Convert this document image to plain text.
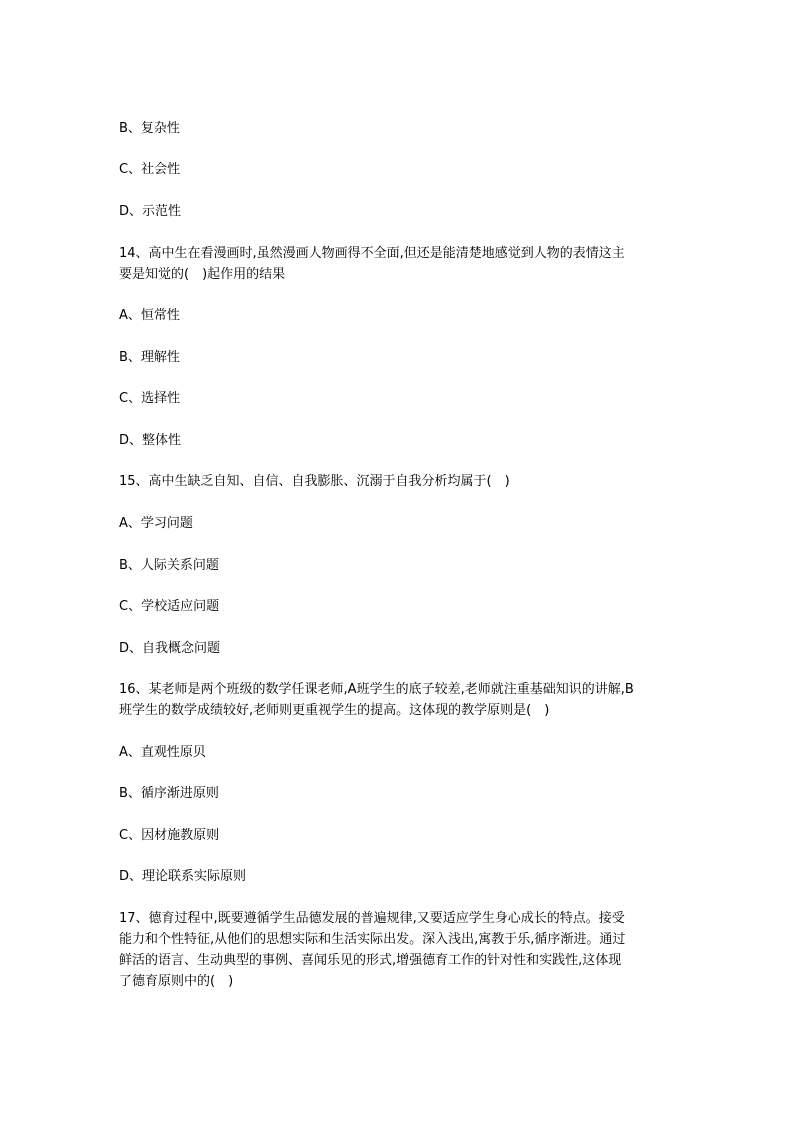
B、复杂性
C、社会性
D、示范性
14、高中生在看漫画时,虽然漫画人物画得不全面,但还是能清楚地感觉到人物的表情这主
要是知觉的(　)起作用的结果
A、恒常性
B、理解性
C、选择性
D、整体性
15、高中生缺乏自知、自信、自我膨胀、沉溺于自我分析均属于(　)
A、学习问题
B、人际关系问题
C、学校适应问题
D、自我概念问题
16、某老师是两个班级的数学任课老师,A班学生的底子较差,老师就注重基础知识的讲解,B
班学生的数学成绩较好,老师则更重视学生的提高。这体现的教学原则是(　)
A、直观性原贝
B、循序渐进原则
C、因材施教原则
D、理论联系实际原则
17、德育过程中,既要遵循学生品德发展的普遍规律,又要适应学生身心成长的特点。接受
能力和个性特征,从他们的思想实际和生活实际出发。深入浅出,寓教于乐,循序渐进。通过
鲜活的语言、生动典型的事例、喜闻乐见的形式,增强德育工作的针对性和实践性,这体现
了德育原则中的(　)
